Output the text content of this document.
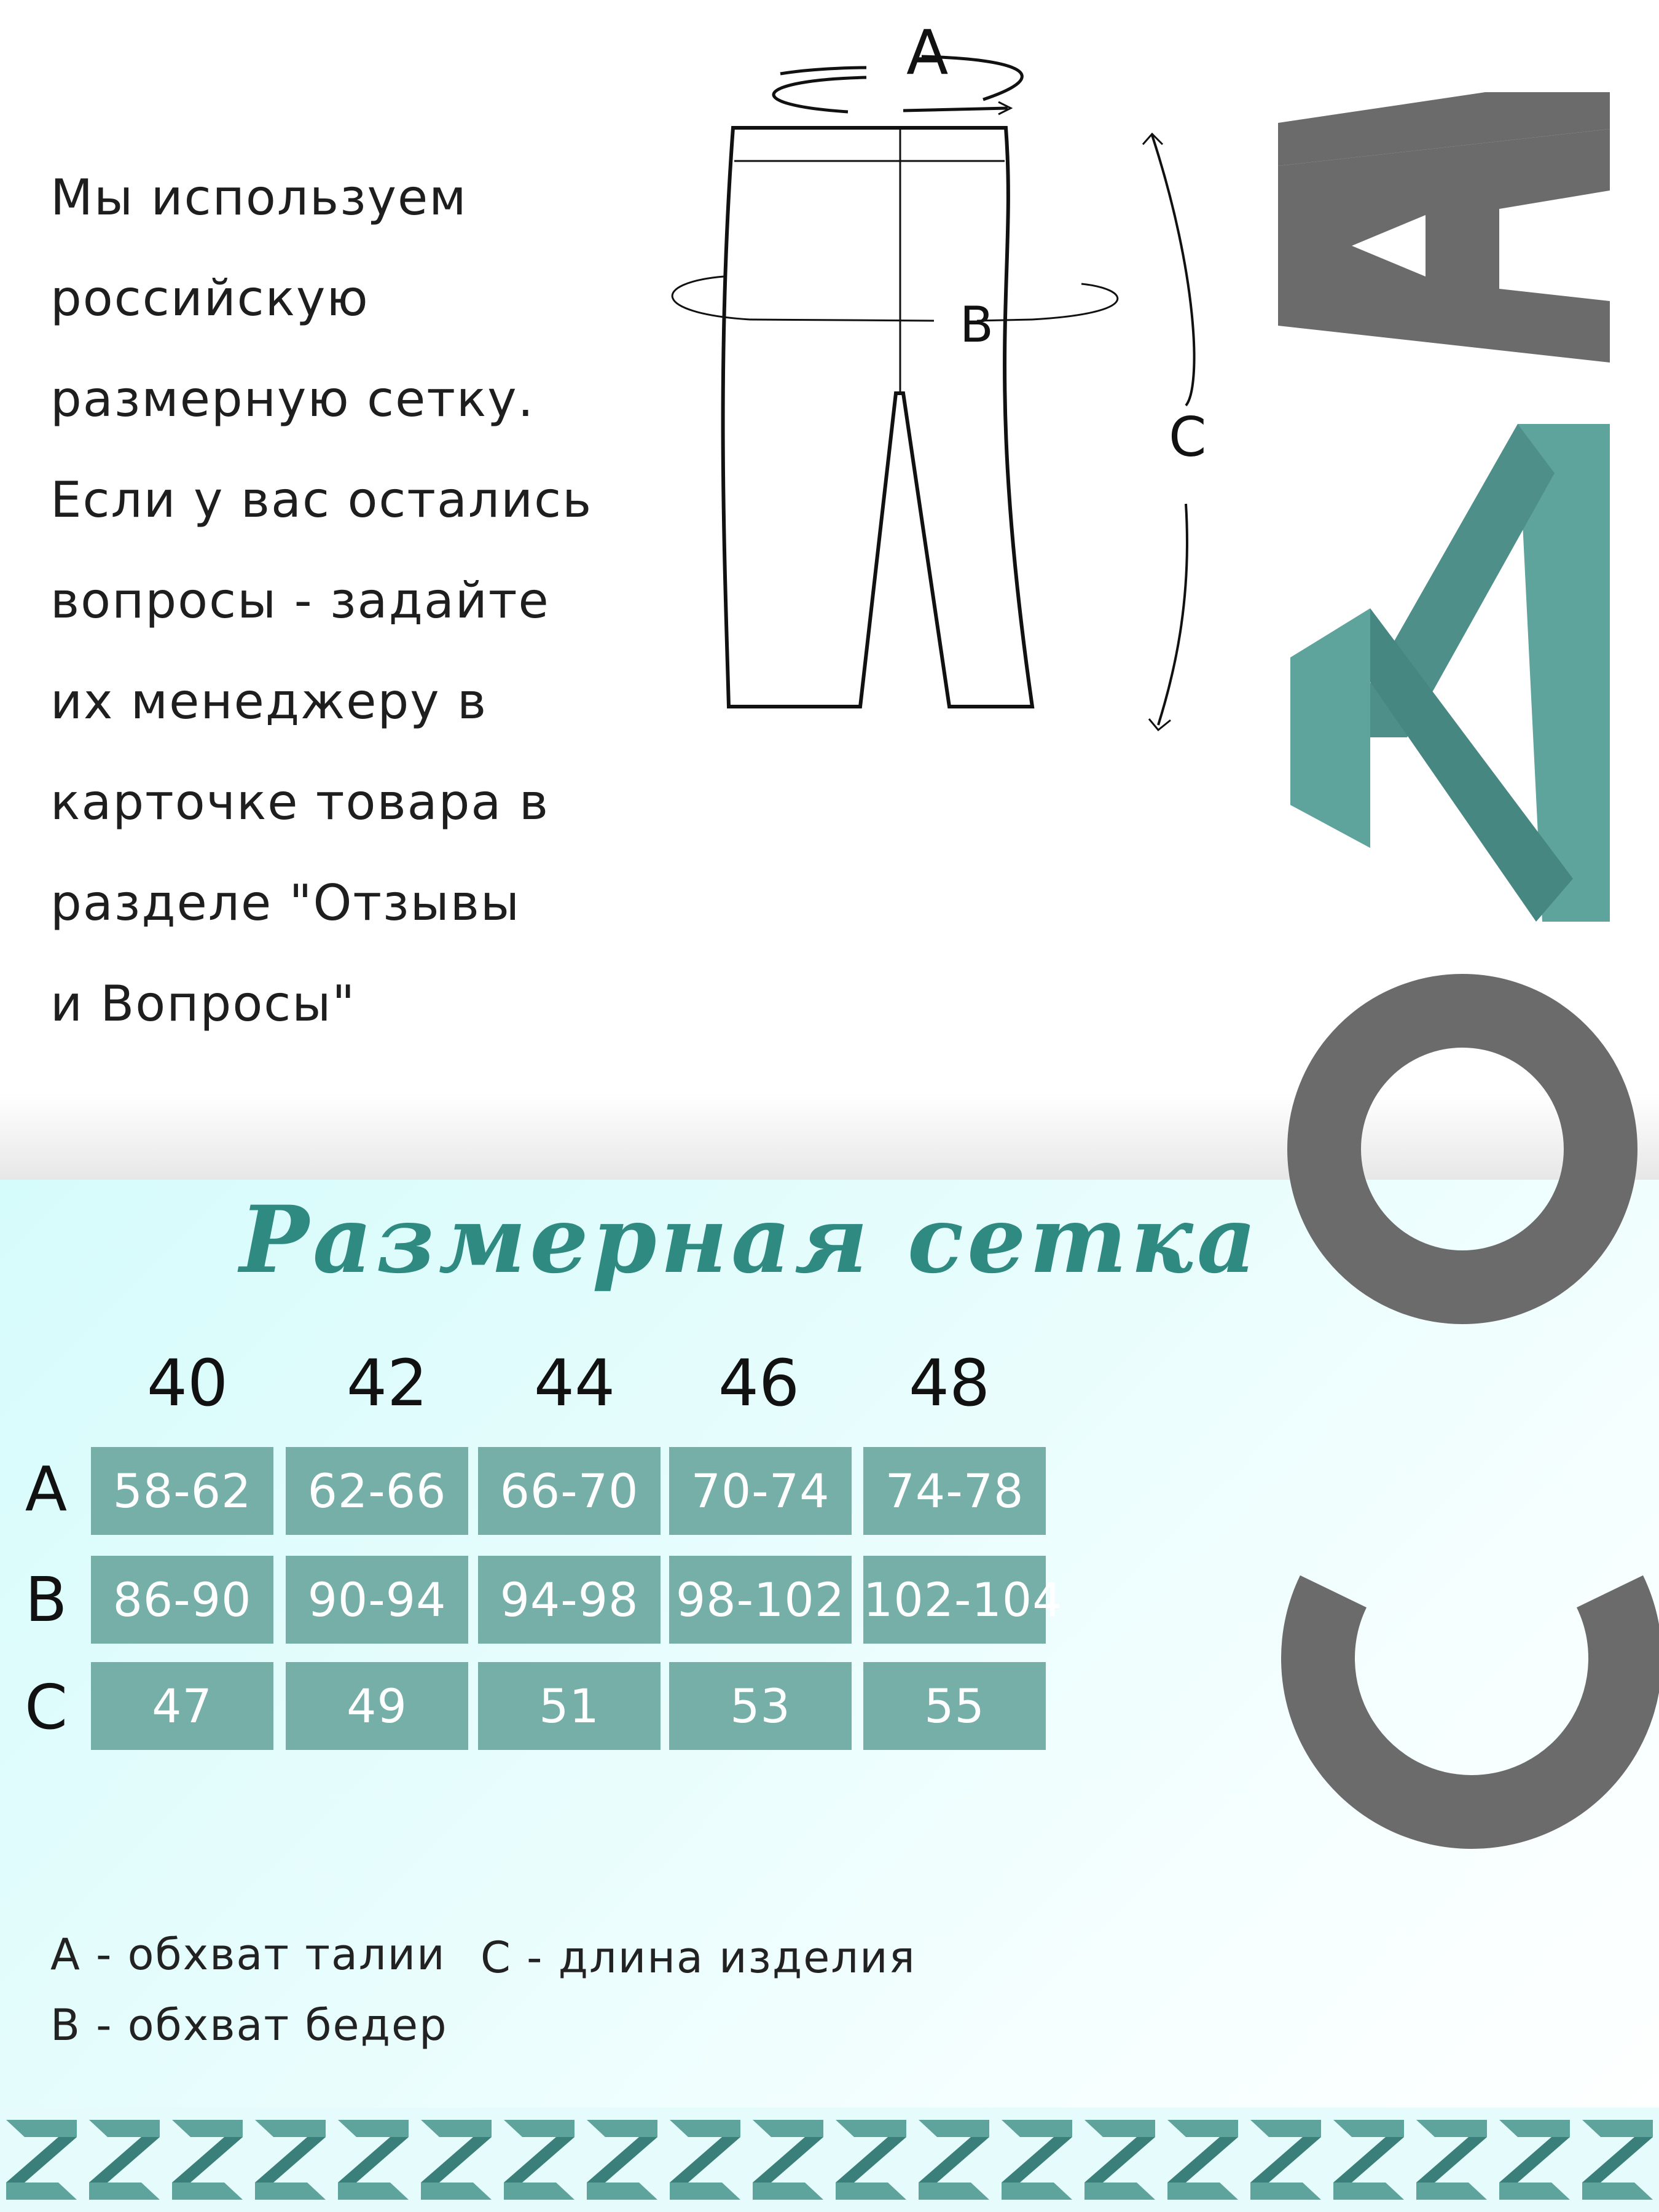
Мы используем
российскую
размерную сетку.
Если у вас остались
вопросы - задайте
их менеджеру в
карточке товара в
разделе "Отзывы
и Вопросы"
A
B
C
Размерная сетка
40	42	44	46	48
A
B
C
58-62	62-66	66-70	70-74	74-78
86-90	90-94	94-98 98-102 102-104
47	49	51	53	55
A - обхват талии C - длина изделия
B - обхват бедер
